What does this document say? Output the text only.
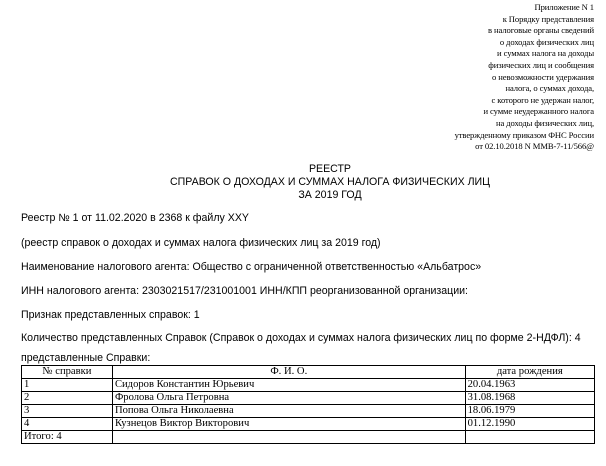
Приложение N 1
к Порядку представления
в налоговые органы сведений
о доходах физических лиц
и суммах налога на доходы
физических лиц и сообщения
о невозможности удержания
налога, о суммах дохода,
с которого не удержан налог,
и сумме неудержанного налога
на доходы физических лиц,
утвержденному приказом ФНС России
от 02.10.2018 N ММВ-7-11/566@
РЕЕСТР
СПРАВОК О ДОХОДАХ И СУММАХ НАЛОГА ФИЗИЧЕСКИХ ЛИЦ
ЗА 2019 ГОД
Реестр № 1 от 11.02.2020 в 2368 к файлу XXY
(реестр справок о доходах и суммах налога физических лиц за 2019 год)
Наименование налогового агента: Общество с ограниченной ответственностью «Альбатрос»
ИНН налогового агента: 2303021517/231001001 ИНН/КПП реорганизованной организации:
Признак представленных справок: 1
Количество представленных Справок (Справок о доходах и суммах налога физических лиц по форме 2-НДФЛ): 4
представленные Справки:
№ справки	Ф. И. О.	дата рождения
1	Сидоров Константин Юрьевич	20.04.1963
2	Фролова Ольга Петровна	31.08.1968
3	Попова Ольга Николаевна	18.06.1979
4	Кузнецов Виктор Викторович	01.12.1990
Итого: 4		
